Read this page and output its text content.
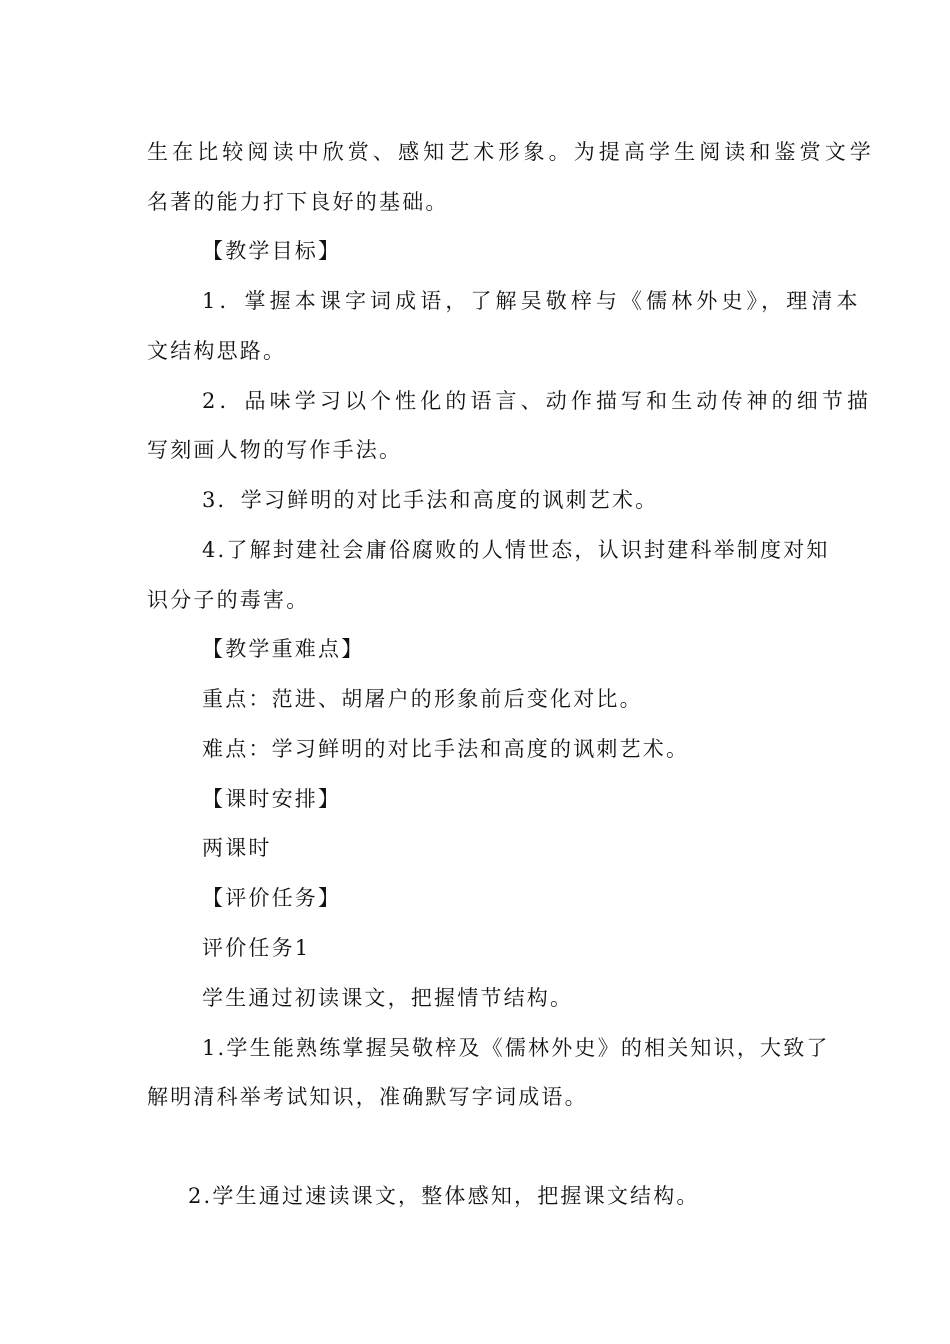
生在比较阅读中欣赏、感知艺术形象。为提高学生阅读和鉴赏文学
名著的能力打下良好的基础。
【教学目标】
1．掌握本课字词成语，了解吴敬梓与《儒林外史》，理清本
文结构思路。
2．品味学习以个性化的语言、动作描写和生动传神的细节描
写刻画人物的写作手法。
3．学习鲜明的对比手法和高度的讽刺艺术。
4.了解封建社会庸俗腐败的人情世态，认识封建科举制度对知
识分子的毒害。
【教学重难点】
重点：范进、胡屠户的形象前后变化对比。
难点：学习鲜明的对比手法和高度的讽刺艺术。
【课时安排】
两课时
【评价任务】
评价任务1
学生通过初读课文，把握情节结构。
1.学生能熟练掌握吴敬梓及《儒林外史》的相关知识，大致了
解明清科举考试知识，准确默写字词成语。
2.学生通过速读课文，整体感知，把握课文结构。
